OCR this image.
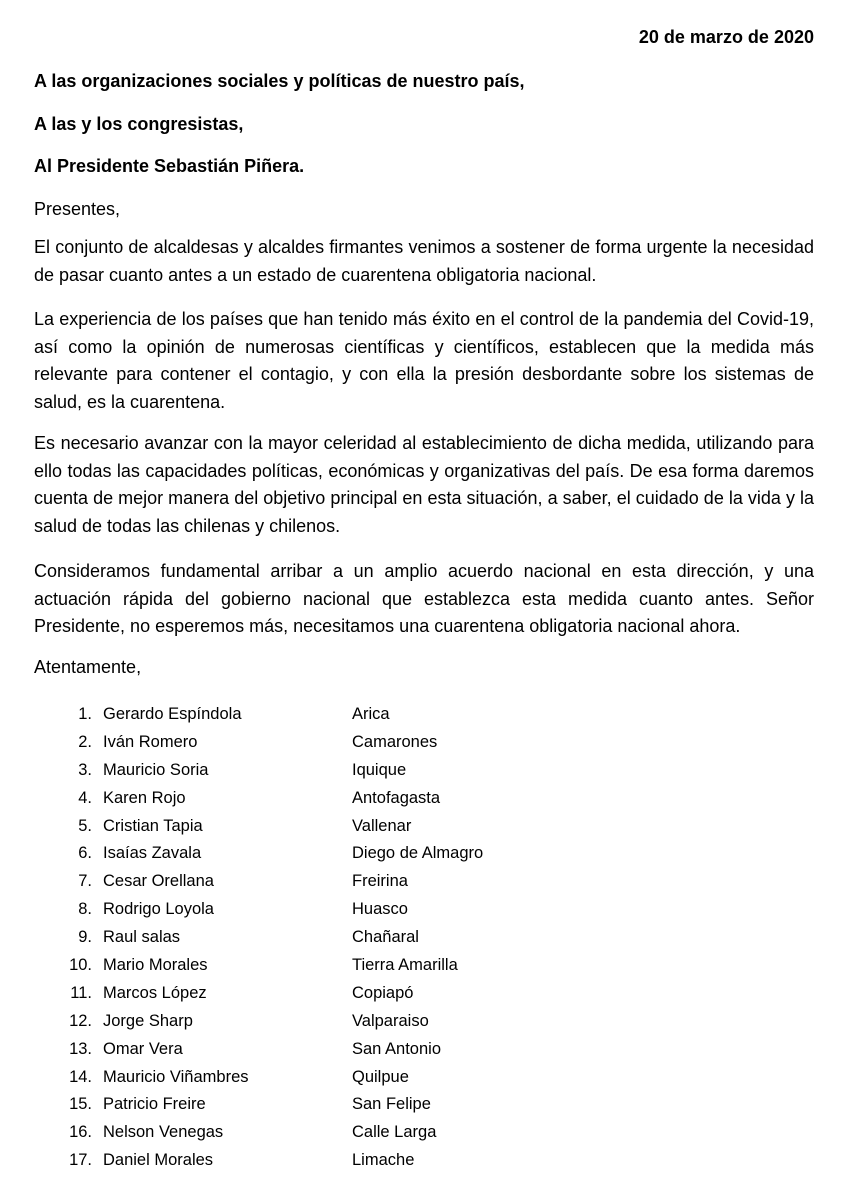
20 de marzo de 2020
A las organizaciones sociales y políticas de nuestro país,
A las y los congresistas,
Al Presidente Sebastián Piñera.
Presentes,

El conjunto de alcaldesas y alcaldes firmantes venimos a sostener de forma urgente la necesidad de pasar cuanto antes a un estado de cuarentena obligatoria nacional.

La experiencia de los países que han tenido más éxito en el control de la pandemia del Covid-19, así como la opinión de numerosas científicas y científicos, establecen que la medida más relevante para contener el contagio, y con ella la presión desbordante sobre los sistemas de salud, es la cuarentena.

Es necesario avanzar con la mayor celeridad al establecimiento de dicha medida, utilizando para ello todas las capacidades políticas, económicas y organizativas del país. De esa forma daremos cuenta de mejor manera del objetivo principal en esta situación, a saber, el cuidado de la vida y la salud de todas las chilenas y chilenos.

Consideramos fundamental arribar a un amplio acuerdo nacional en esta dirección, y una actuación rápida del gobierno nacional que establezca esta medida cuanto antes. Señor Presidente, no esperemos más, necesitamos una cuarentena obligatoria nacional ahora.

Atentamente,
1. Gerardo Espíndola	Arica
2. Iván Romero	Camarones
3. Mauricio Soria	Iquique
4. Karen Rojo	Antofagasta
5. Cristian Tapia	Vallenar
6. Isaías Zavala	Diego de Almagro
7. Cesar Orellana	Freirina
8. Rodrigo Loyola	Huasco
9. Raul salas	Chañaral
10. Mario Morales	Tierra Amarilla
11. Marcos López	Copiapó
12. Jorge Sharp	Valparaiso
13. Omar Vera	San Antonio
14. Mauricio Viñambres	Quilpue
15. Patricio Freire	San Felipe
16. Nelson Venegas	Calle Larga
17. Daniel Morales	Limache
